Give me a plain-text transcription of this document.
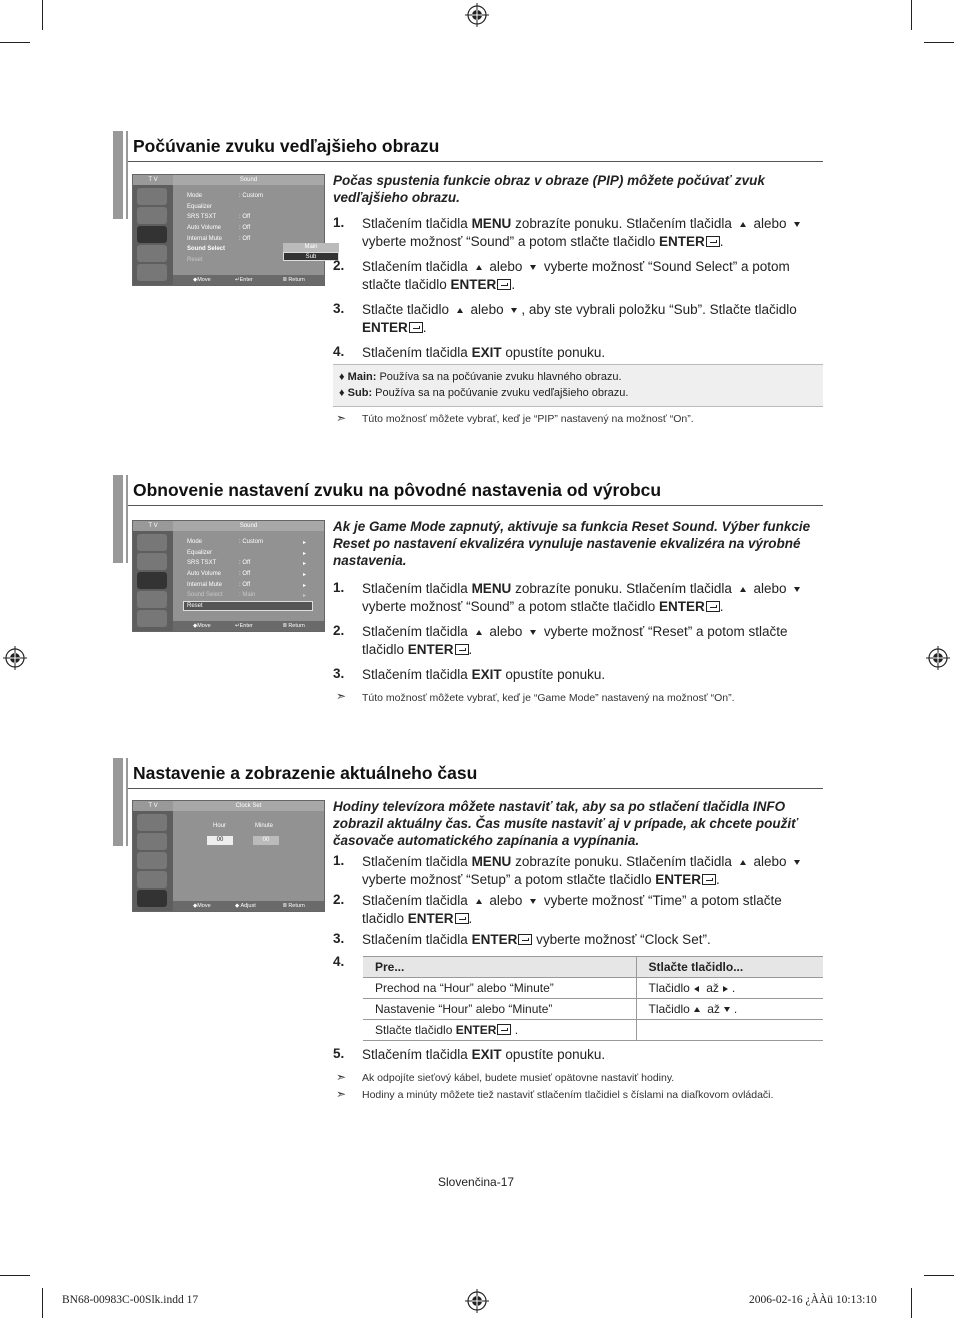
Počúvanie zvuku vedľajšieho obrazu
T V	Sound
Mode	: Custom
Equalizer
SRS TSXT	: Off
Auto Volume	: Off
Internal Mute	: Off
Sound Select
Reset
Main
Sub
◆Move	↵Enter	Ⅲ Return
Počas spustenia funkcie obraz v obraze (PIP) môžete počúvať zvuk vedľajšieho obrazu.
1. Stlačením tlačidla MENU zobrazíte ponuku. Stlačením tlačidla  alebo  vyberte možnosť “Sound” a potom stlačte tlačidlo ENTER .
2. Stlačením tlačidla  alebo  vyberte možnosť “Sound Select” a potom stlačte tlačidlo ENTER .
3. Stlačte tlačidlo  alebo , aby ste vybrali položku “Sub”. Stlačte tlačidlo ENTER .
4. Stlačením tlačidla EXIT opustíte ponuku.
♦ Main: Používa sa na počúvanie zvuku hlavného obrazu.
♦ Sub: Používa sa na počúvanie zvuku vedľajšieho obrazu.
➣ Túto možnosť môžete vybrať, keď je “PIP” nastavený na možnosť “On”.
Obnovenie nastavení zvuku na pôvodné nastavenia od výrobcu
T V	Sound
Mode	: Custom	▸
Equalizer	▸
SRS TSXT	: Off	▸
Auto Volume	: Off	▸
Internal Mute	: Off	▸
Sound Select	: Main	▸
Reset
◆Move	↵Enter	Ⅲ Return
Ak je Game Mode zapnutý, aktivuje sa funkcia Reset Sound. Výber funkcie Reset po nastavení ekvalizéra vynuluje nastavenie ekvalizéra na výrobné nastavenia.
1. Stlačením tlačidla MENU zobrazíte ponuku. Stlačením tlačidla  alebo  vyberte možnosť “Sound” a potom stlačte tlačidlo ENTER .
2. Stlačením tlačidla  alebo  vyberte možnosť “Reset” a potom stlačte tlačidlo ENTER .
3. Stlačením tlačidla EXIT opustíte ponuku.
➣ Túto možnosť môžete vybrať, keď je “Game Mode” nastavený na možnosť “On”.
Nastavenie a zobrazenie aktuálneho času
T V	Clock Set
Hour	Minute
00	00
◆Move	◆ Adjust	Ⅲ Return
Hodiny televízora môžete nastaviť tak, aby sa po stlačení tlačidla INFO zobrazil aktuálny čas. Čas musíte nastaviť aj v prípade, ak chcete použiť časovače automatického zapínania a vypínania.
1. Stlačením tlačidla MENU zobrazíte ponuku. Stlačením tlačidla  alebo  vyberte možnosť “Setup” a potom stlačte tlačidlo ENTER .
2. Stlačením tlačidla  alebo  vyberte možnosť “Time” a potom stlačte tlačidlo ENTER .
3. Stlačením tlačidla ENTER vyberte možnosť “Clock Set”.
4.	Pre...	Stlačte tlačidlo...
Prechod na “Hour” alebo “Minute”	Tlačidlo až .
Nastavenie “Hour” alebo “Minute”	Tlačidlo až .
Stlačte tlačidlo ENTER .	
5. Stlačením tlačidla EXIT opustíte ponuku.
➣ Ak odpojíte sieťový kábel, budete musieť opätovne nastaviť hodiny.
➣ Hodiny a minúty môžete tiež nastaviť stlačením tlačidiel s číslami na diaľkovom ovládači.
Slovenčina-17
BN68-00983C-00Slk.indd 17	2006-02-16 ¿ÀÀü 10:13:10
